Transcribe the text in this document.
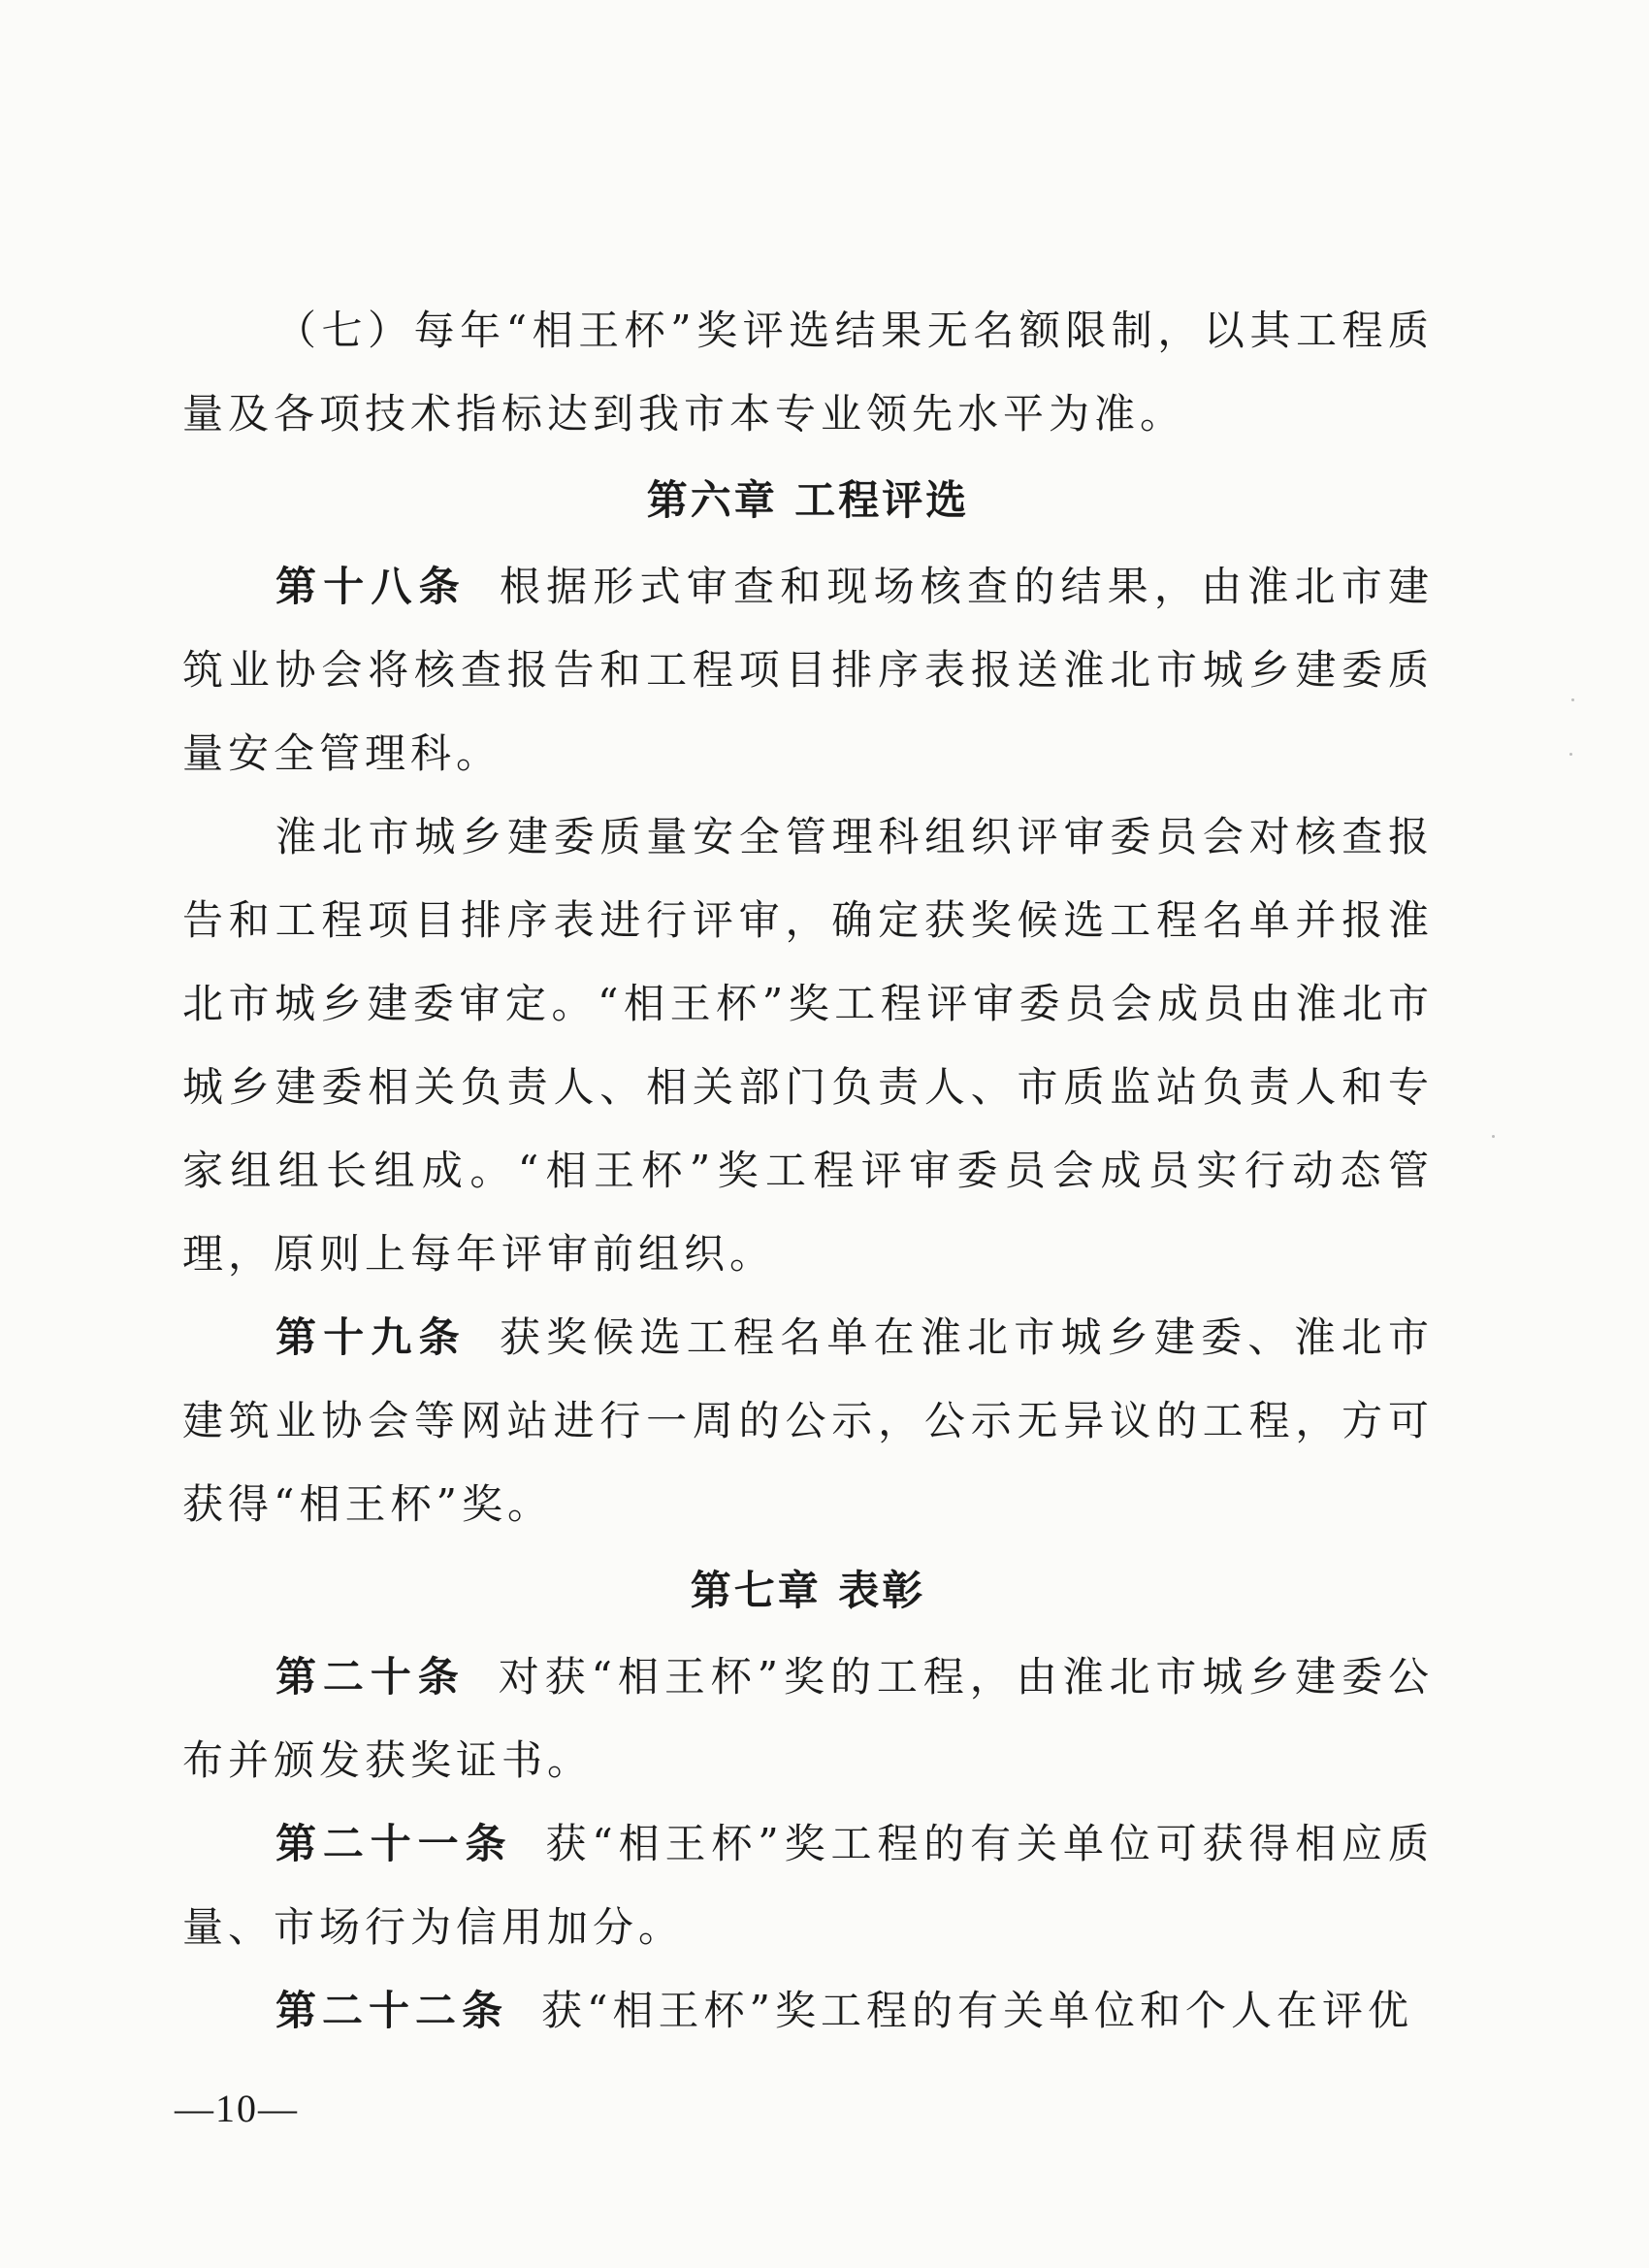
（七）每年“相王杯”奖评选结果无名额限制，以其工程质量及各项技术指标达到我市本专业领先水平为准。

第六章 工程评选

第十八条 根据形式审查和现场核查的结果，由淮北市建筑业协会将核查报告和工程项目排序表报送淮北市城乡建委质量安全管理科。

淮北市城乡建委质量安全管理科组织评审委员会对核查报告和工程项目排序表进行评审，确定获奖候选工程名单并报淮北市城乡建委审定。“相王杯”奖工程评审委员会成员由淮北市城乡建委相关负责人、相关部门负责人、市质监站负责人和专家组组长组成。“相王杯”奖工程评审委员会成员实行动态管理，原则上每年评审前组织。

第十九条 获奖候选工程名单在淮北市城乡建委、淮北市建筑业协会等网站进行一周的公示，公示无异议的工程，方可获得“相王杯”奖。

第七章 表彰

第二十条 对获“相王杯”奖的工程，由淮北市城乡建委公布并颁发获奖证书。

第二十一条 获“相王杯”奖工程的有关单位可获得相应质量、市场行为信用加分。

第二十二条 获“相王杯”奖工程的有关单位和个人在评优

—10—
